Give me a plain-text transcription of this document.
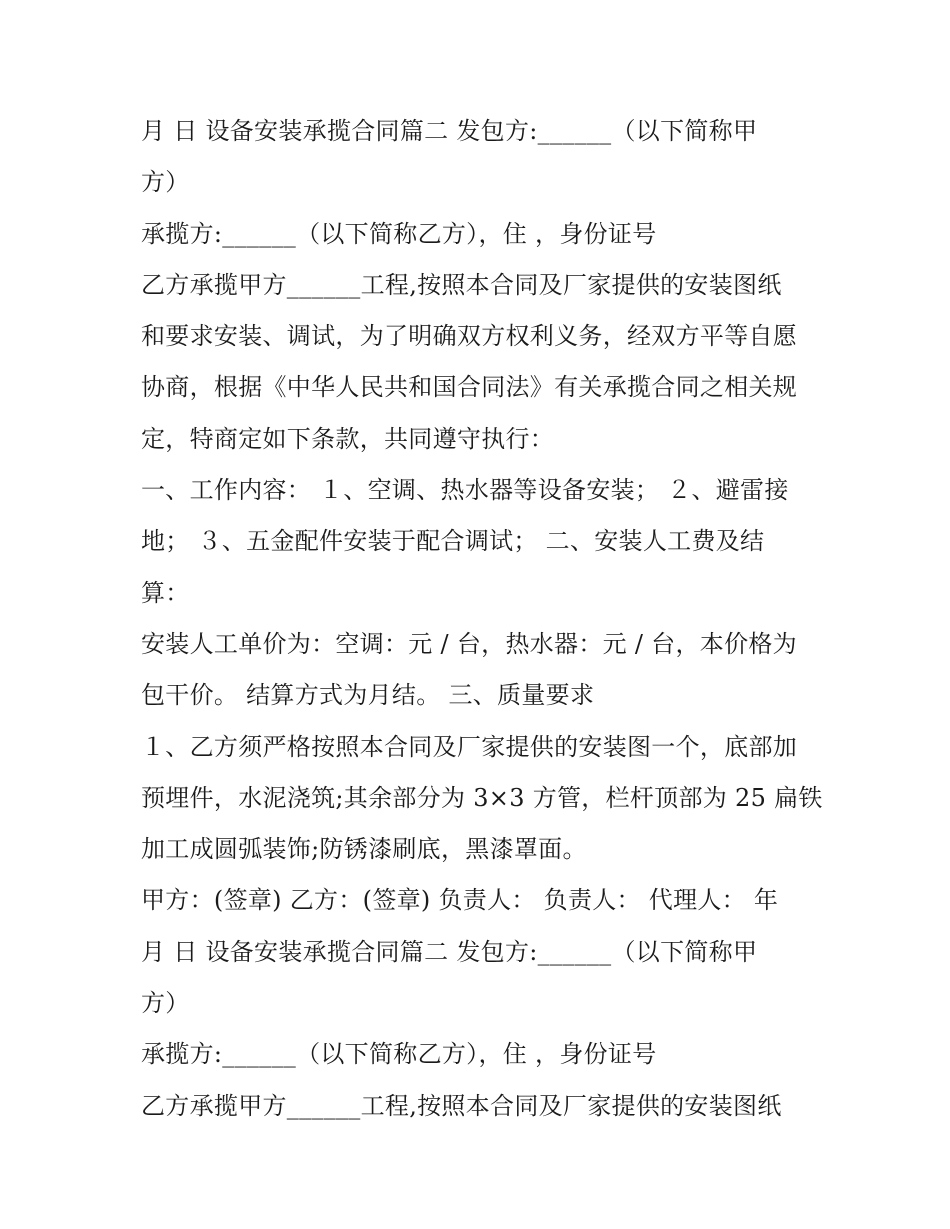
月 日 设备安装承揽合同篇二 发包方:______（以下简称甲
方）
承揽方:______（以下简称乙方），住 ，身份证号
乙方承揽甲方______工程,按照本合同及厂家提供的安装图纸
和要求安装、调试，为了明确双方权利义务，经双方平等自愿
协商，根据《中华人民共和国合同法》有关承揽合同之相关规
定，特商定如下条款，共同遵守执行：
一、工作内容： １、空调、热水器等设备安装； ２、避雷接
地； ３、五金配件安装于配合调试； 二、安装人工费及结
算：
安装人工单价为：空调：元 / 台，热水器：元 / 台，本价格为
包干价。 结算方式为月结。 三、质量要求
１、乙方须严格按照本合同及厂家提供的安装图一个，底部加
预埋件，水泥浇筑;其余部分为 3×3 方管，栏杆顶部为 25 扁铁
加工成圆弧装饰;防锈漆刷底，黑漆罩面。
甲方：(签章) 乙方：(签章) 负责人： 负责人： 代理人： 年
月 日 设备安装承揽合同篇二 发包方:______（以下简称甲
方）
承揽方:______（以下简称乙方），住 ，身份证号
乙方承揽甲方______工程,按照本合同及厂家提供的安装图纸
